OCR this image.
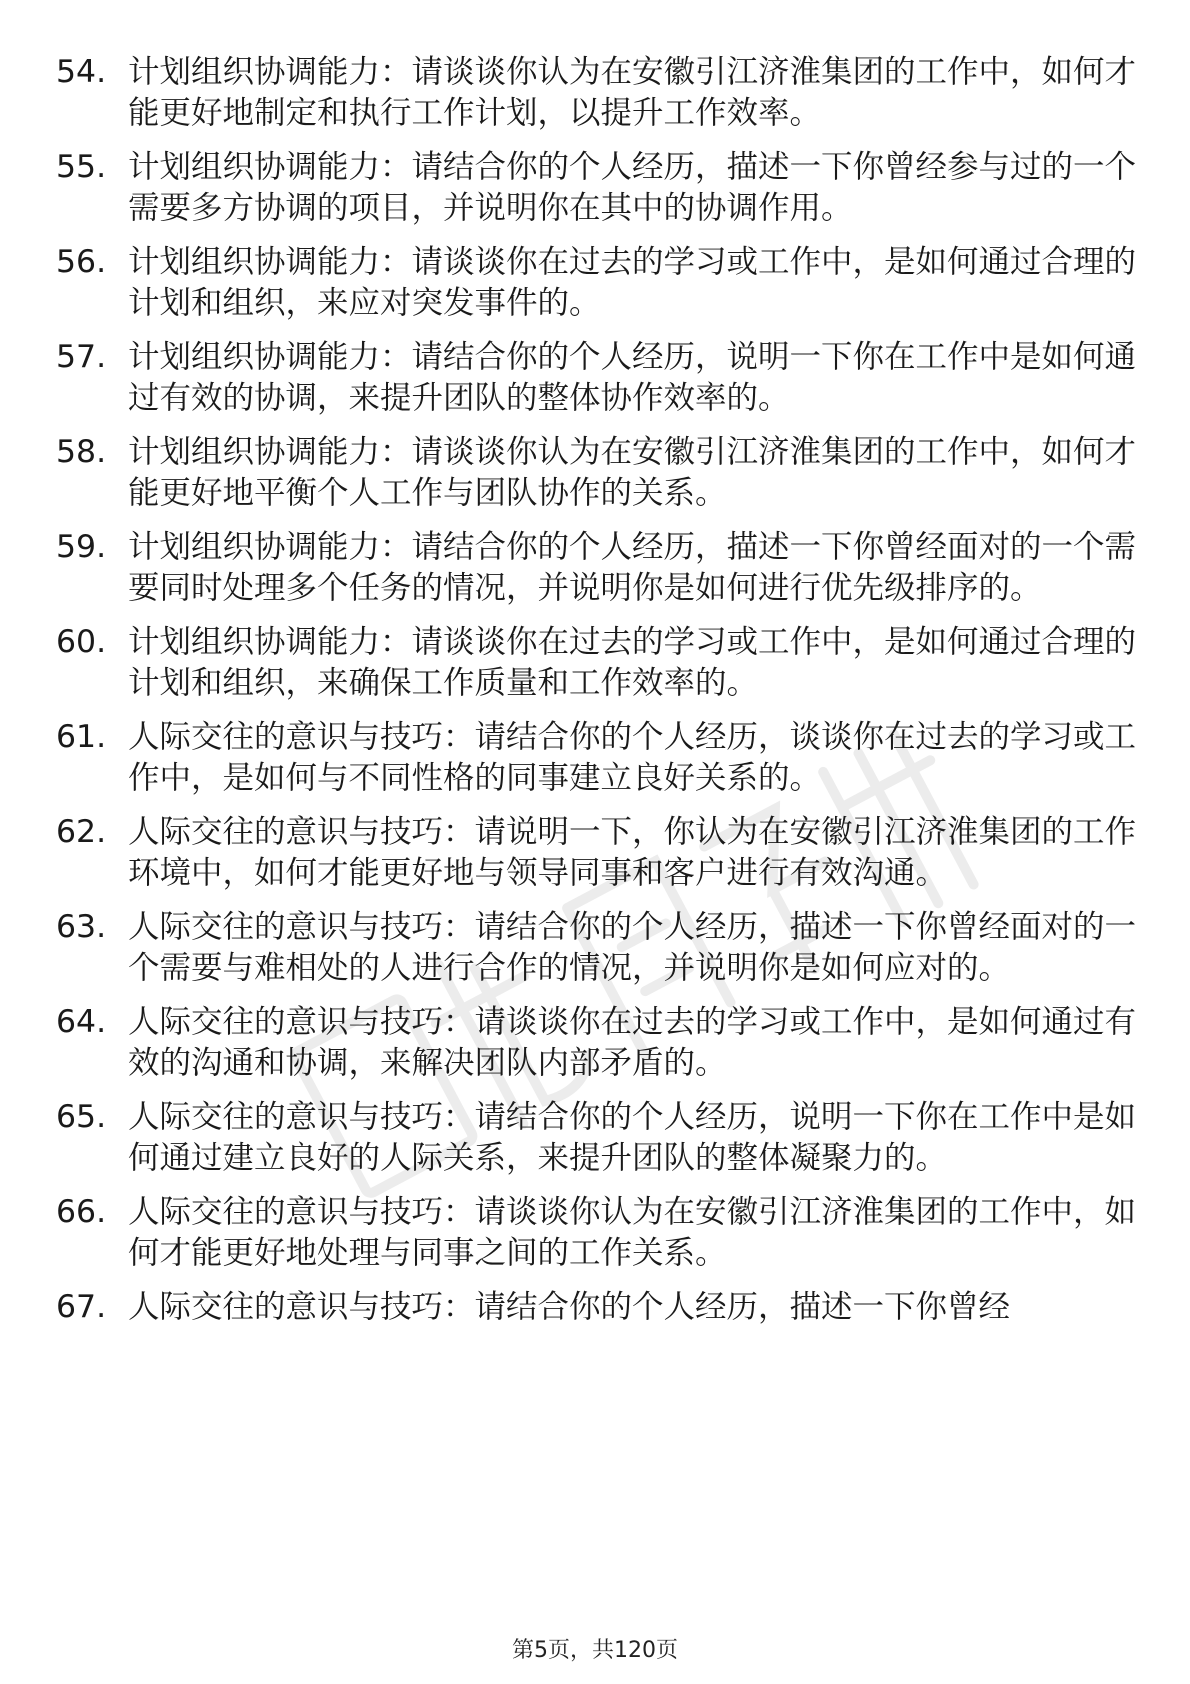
54. 计划组织协调能力：请谈谈你认为在安徽引江济淮集团的工作中，如何才能更好地制定和执行工作计划，以提升工作效率。
55. 计划组织协调能力：请结合你的个人经历，描述一下你曾经参与过的一个需要多方协调的项目，并说明你在其中的协调作用。
56. 计划组织协调能力：请谈谈你在过去的学习或工作中，是如何通过合理的计划和组织，来应对突发事件的。
57. 计划组织协调能力：请结合你的个人经历，说明一下你在工作中是如何通过有效的协调，来提升团队的整体协作效率的。
58. 计划组织协调能力：请谈谈你认为在安徽引江济淮集团的工作中，如何才能更好地平衡个人工作与团队协作的关系。
59. 计划组织协调能力：请结合你的个人经历，描述一下你曾经面对的一个需要同时处理多个任务的情况，并说明你是如何进行优先级排序的。
60. 计划组织协调能力：请谈谈你在过去的学习或工作中，是如何通过合理的计划和组织，来确保工作质量和工作效率的。
61. 人际交往的意识与技巧：请结合你的个人经历，谈谈你在过去的学习或工作中，是如何与不同性格的同事建立良好关系的。
62. 人际交往的意识与技巧：请说明一下，你认为在安徽引江济淮集团的工作环境中，如何才能更好地与领导同事和客户进行有效沟通。
63. 人际交往的意识与技巧：请结合你的个人经历，描述一下你曾经面对的一个需要与难相处的人进行合作的情况，并说明你是如何应对的。
64. 人际交往的意识与技巧：请谈谈你在过去的学习或工作中，是如何通过有效的沟通和协调，来解决团队内部矛盾的。
65. 人际交往的意识与技巧：请结合你的个人经历，说明一下你在工作中是如何通过建立良好的人际关系，来提升团队的整体凝聚力的。
66. 人际交往的意识与技巧：请谈谈你认为在安徽引江济淮集团的工作中，如何才能更好地处理与同事之间的工作关系。
67. 人际交往的意识与技巧：请结合你的个人经历，描述一下你曾经
第5页，共120页
